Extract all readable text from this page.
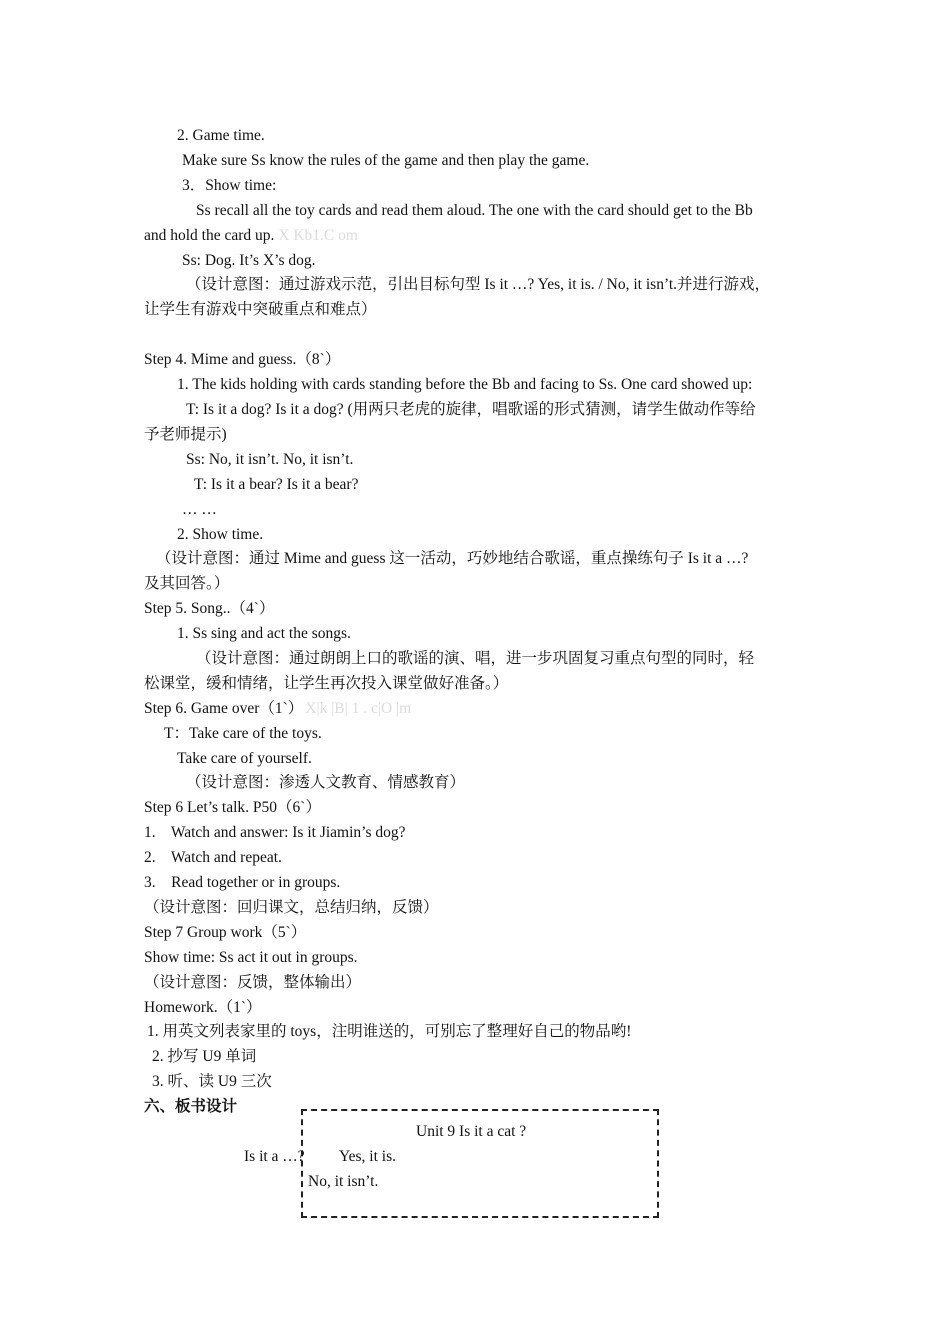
2. Game time.
Make sure Ss know the rules of the game and then play the game.
3．Show time:
Ss recall all the toy cards and read them aloud. The one with the card should get to the Bb
and hold the card up. X Kb1.C om
Ss: Dog. It’s X’s dog.
（设计意图：通过游戏示范，引出目标句型 Is it …? Yes, it is. / No, it isn’t.并进行游戏，
让学生有游戏中突破重点和难点）
Step 4. Mime and guess.（8`）
1. The kids holding with cards standing before the Bb and facing to Ss. One card showed up:
T: Is it a dog? Is it a dog? (用两只老虎的旋律，唱歌谣的形式猜测，请学生做动作等给
予老师提示)
Ss: No, it isn’t. No, it isn’t.
T: Is it a bear? Is it a bear?
… …
2. Show time.
（设计意图：通过 Mime and guess 这一活动，巧妙地结合歌谣，重点操练句子 Is it a …?
及其回答。）
Step 5. Song..（4`）
1. Ss sing and act the songs.
（设计意图：通过朗朗上口的歌谣的演、唱，进一步巩固复习重点句型的同时，轻
松课堂，缓和情绪，让学生再次投入课堂做好准备。）
Step 6. Game over（1`） X|k |B| 1 . c|O |m
T：Take care of the toys.
Take care of yourself.
（设计意图：渗透人文教育、情感教育）
Step 6 Let’s talk. P50（6`）
1.    Watch and answer: Is it Jiamin’s dog?
2.    Watch and repeat.
3.    Read together or in groups.
（设计意图：回归课文，总结归纳，反馈）
Step 7 Group work（5`）
Show time: Ss act it out in groups.
（设计意图：反馈，整体输出）
Homework.（1`）
1. 用英文列表家里的 toys，注明谁送的，可别忘了整理好自己的物品哟!
2. 抄写 U9 单词
3. 听、读 U9 三次
六、板书设计
Unit 9 Is it a cat ?
Is it a …? Yes, it is.
No, it isn’t.
